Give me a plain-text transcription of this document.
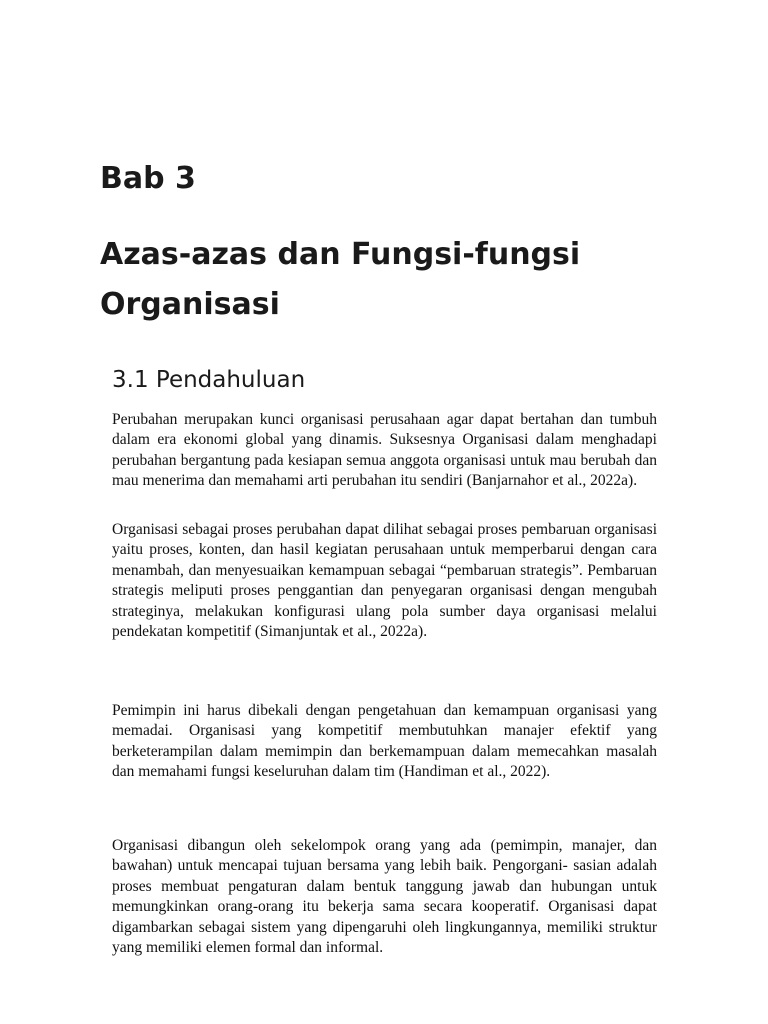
Bab 3
Azas-azas dan Fungsi-fungsi Organisasi
3.1 Pendahuluan

Perubahan merupakan kunci organisasi perusahaan agar dapat bertahan dan tumbuh dalam era ekonomi global yang dinamis. Suksesnya Organisasi dalam menghadapi perubahan bergantung pada kesiapan semua anggota organisasi untuk mau berubah dan mau menerima dan memahami arti perubahan itu sendiri (Banjarnahor et al., 2022a).

Organisasi sebagai proses perubahan dapat dilihat sebagai proses pembaruan organisasi yaitu proses, konten, dan hasil kegiatan perusahaan untuk memperbarui dengan cara menambah, dan menyesuaikan kemampuan sebagai “pembaruan strategis”. Pembaruan strategis meliputi proses penggantian dan penyegaran organisasi dengan mengubah strateginya, melakukan konfigurasi ulang pola sumber daya organisasi melalui pendekatan kompetitif (Simanjuntak et al., 2022a).

Pemimpin ini harus dibekali dengan pengetahuan dan kemampuan organisasi yang memadai. Organisasi yang kompetitif membutuhkan manajer efektif yang berketerampilan dalam memimpin dan berkemampuan dalam memecahkan masalah dan memahami fungsi keseluruhan dalam tim (Handiman et al., 2022).

Organisasi dibangun oleh sekelompok orang yang ada (pemimpin, manajer, dan bawahan) untuk mencapai tujuan bersama yang lebih baik. Pengorgani- sasian adalah proses membuat pengaturan dalam bentuk tanggung jawab dan hubungan untuk memungkinkan orang-orang itu bekerja sama secara kooperatif. Organisasi dapat digambarkan sebagai sistem yang dipengaruhi oleh lingkungannya, memiliki struktur yang memiliki elemen formal dan informal.
